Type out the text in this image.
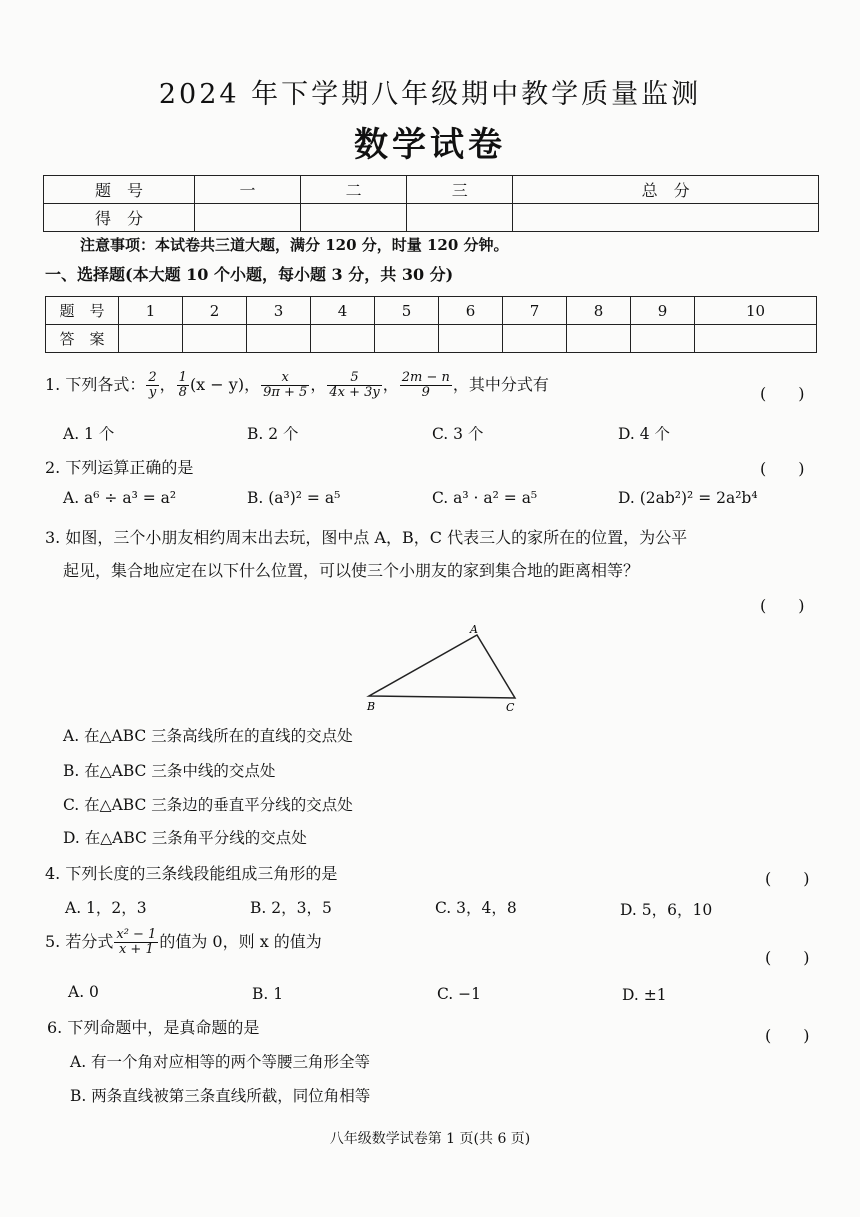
2024 年下学期八年级期中教学质量监测
数学试卷
题　号	一	二	三	总　分
得　分				
注意事项：本试卷共三道大题，满分 120 分，时量 120 分钟。
一、选择题(本大题 10 个小题，每小题 3 分，共 30 分)
题　号	1	2	3	4	5	6	7	8	9	10
答　案										
1. 下列各式： $\frac{2}{y}$ ， $\frac{1}{8} (x - y)$， $\frac{x}{9\pi + 5}$ ， $\frac{5}{4x + 3y}$ ， $\frac{2m - n}{9}$ ，其中分式有	(　　)
A. 1 个	B. 2 个	C. 3 个	D. 4 个
2. 下列运算正确的是	(　　)
A. a⁶ ÷ a³ = a²	B. (a³)² = a⁵	C. a³ · a² = a⁵	D. (2ab²)² = 2a²b⁴
3. 如图，三个小朋友相约周末出去玩，图中点 A，B，C 代表三人的家所在的位置，为公平
起见，集合地应定在以下什么位置，可以使三个小朋友的家到集合地的距离相等？
(　　)
A
B	C
A. 在△ABC 三条高线所在的直线的交点处
B. 在△ABC 三条中线的交点处
C. 在△ABC 三条边的垂直平分线的交点处
D. 在△ABC 三条角平分线的交点处
4. 下列长度的三条线段能组成三角形的是	(　　)
A. 1，2，3	B. 2，3，5	C. 3，4，8	D. 5，6，10
5. 若分式 $\frac{\text{x² − 1}}{x + 1}$ 的值为 0，则 x 的值为
(　　)
A. 0	B. 1	C. −1	D. ±1
6. 下列命题中，是真命题的是	(　　)
A. 有一个角对应相等的两个等腰三角形全等
B. 两条直线被第三条直线所截，同位角相等
八年级数学试卷第 1 页(共 6 页)
